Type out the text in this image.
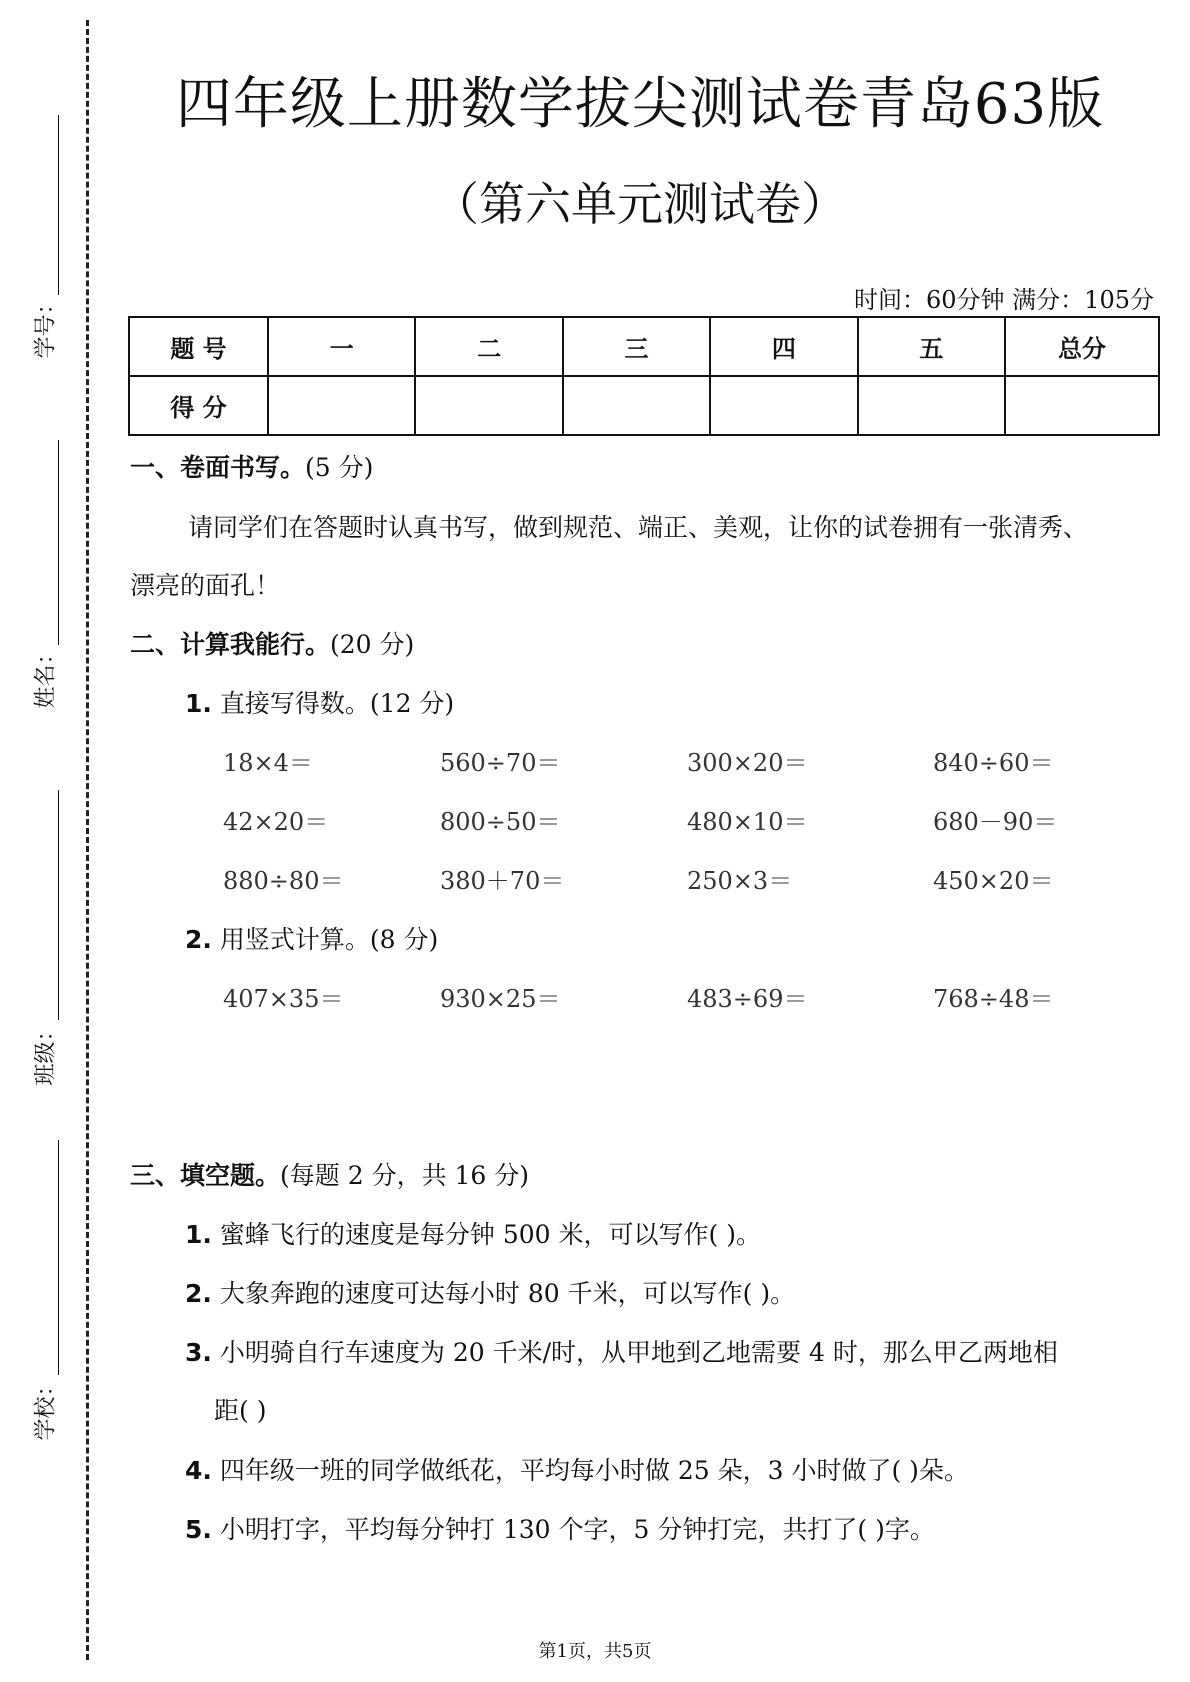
学号：
姓名：
班级：
学校：
四年级上册数学拔尖测试卷青岛63版
（第六单元测试卷）
时间：60分钟 满分：105分
题 号	一	二	三	四	五	总分
得 分						
一、卷面书写。(5 分)
请同学们在答题时认真书写，做到规范、端正、美观，让你的试卷拥有一张清秀、
漂亮的面孔！
二、计算我能行。(20 分)
1. 直接写得数。(12 分)
18×4＝	560÷70＝	300×20＝	840÷60＝
42×20＝	800÷50＝	480×10＝	680－90＝
880÷80＝	380＋70＝	250×3＝	450×20＝
2. 用竖式计算。(8 分)
407×35＝	930×25＝	483÷69＝	768÷48＝
三、填空题。(每题 2 分，共 16 分)
1. 蜜蜂飞行的速度是每分钟 500 米，可以写作( )。
2. 大象奔跑的速度可达每小时 80 千米，可以写作( )。
3. 小明骑自行车速度为 20 千米/时，从甲地到乙地需要 4 时，那么甲乙两地相
距( )
4. 四年级一班的同学做纸花，平均每小时做 25 朵，3 小时做了( )朵。
5. 小明打字，平均每分钟打 130 个字，5 分钟打完，共打了( )字。
第1页，共5页
